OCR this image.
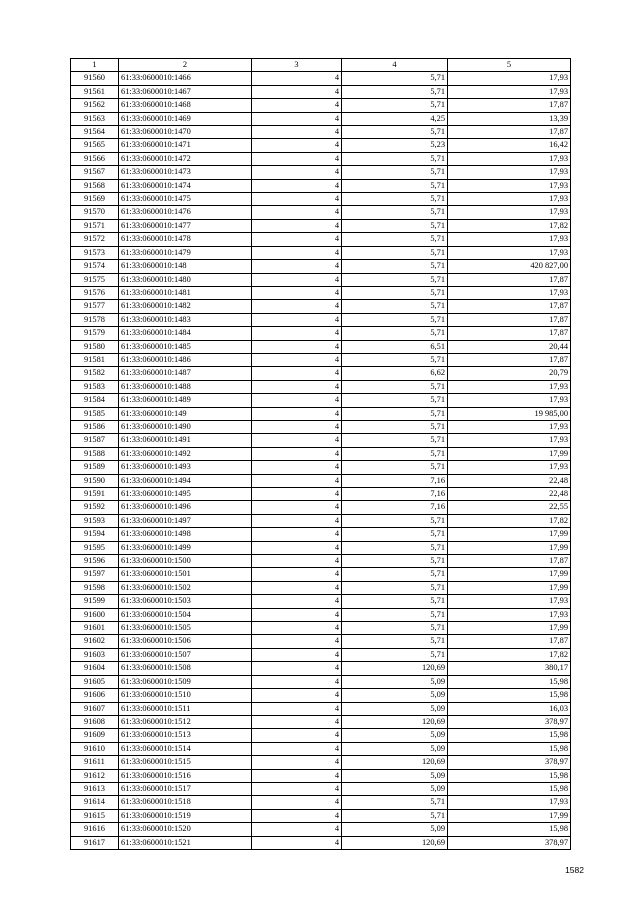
1	2	3	4	5
91560	61:33:0600010:1466	4	5,71	17,93
91561	61:33:0600010:1467	4	5,71	17,93
91562	61:33:0600010:1468	4	5,71	17,87
91563	61:33:0600010:1469	4	4,25	13,39
91564	61:33:0600010:1470	4	5,71	17,87
91565	61:33:0600010:1471	4	5,23	16,42
91566	61:33:0600010:1472	4	5,71	17,93
91567	61:33:0600010:1473	4	5,71	17,93
91568	61:33:0600010:1474	4	5,71	17,93
91569	61:33:0600010:1475	4	5,71	17,93
91570	61:33:0600010:1476	4	5,71	17,93
91571	61:33:0600010:1477	4	5,71	17,82
91572	61:33:0600010:1478	4	5,71	17,93
91573	61:33:0600010:1479	4	5,71	17,93
91574	61:33:0600010:148	4	5,71	420 827,00
91575	61:33:0600010:1480	4	5,71	17,87
91576	61:33:0600010:1481	4	5,71	17,93
91577	61:33:0600010:1482	4	5,71	17,87
91578	61:33:0600010:1483	4	5,71	17,87
91579	61:33:0600010:1484	4	5,71	17,87
91580	61:33:0600010:1485	4	6,51	20,44
91581	61:33:0600010:1486	4	5,71	17,87
91582	61:33:0600010:1487	4	6,62	20,79
91583	61:33:0600010:1488	4	5,71	17,93
91584	61:33:0600010:1489	4	5,71	17,93
91585	61:33:0600010:149	4	5,71	19 985,00
91586	61:33:0600010:1490	4	5,71	17,93
91587	61:33:0600010:1491	4	5,71	17,93
91588	61:33:0600010:1492	4	5,71	17,99
91589	61:33:0600010:1493	4	5,71	17,93
91590	61:33:0600010:1494	4	7,16	22,48
91591	61:33:0600010:1495	4	7,16	22,48
91592	61:33:0600010:1496	4	7,16	22,55
91593	61:33:0600010:1497	4	5,71	17,82
91594	61:33:0600010:1498	4	5,71	17,99
91595	61:33:0600010:1499	4	5,71	17,99
91596	61:33:0600010:1500	4	5,71	17,87
91597	61:33:0600010:1501	4	5,71	17,99
91598	61:33:0600010:1502	4	5,71	17,99
91599	61:33:0600010:1503	4	5,71	17,93
91600	61:33:0600010:1504	4	5,71	17,93
91601	61:33:0600010:1505	4	5,71	17,99
91602	61:33:0600010:1506	4	5,71	17,87
91603	61:33:0600010:1507	4	5,71	17,82
91604	61:33:0600010:1508	4	120,69	380,17
91605	61:33:0600010:1509	4	5,09	15,98
91606	61:33:0600010:1510	4	5,09	15,98
91607	61:33:0600010:1511	4	5,09	16,03
91608	61:33:0600010:1512	4	120,69	378,97
91609	61:33:0600010:1513	4	5,09	15,98
91610	61:33:0600010:1514	4	5,09	15,98
91611	61:33:0600010:1515	4	120,69	378,97
91612	61:33:0600010:1516	4	5,09	15,98
91613	61:33:0600010:1517	4	5,09	15,98
91614	61:33:0600010:1518	4	5,71	17,93
91615	61:33:0600010:1519	4	5,71	17,99
91616	61:33:0600010:1520	4	5,09	15,98
91617	61:33:0600010:1521	4	120,69	378,97
1582
